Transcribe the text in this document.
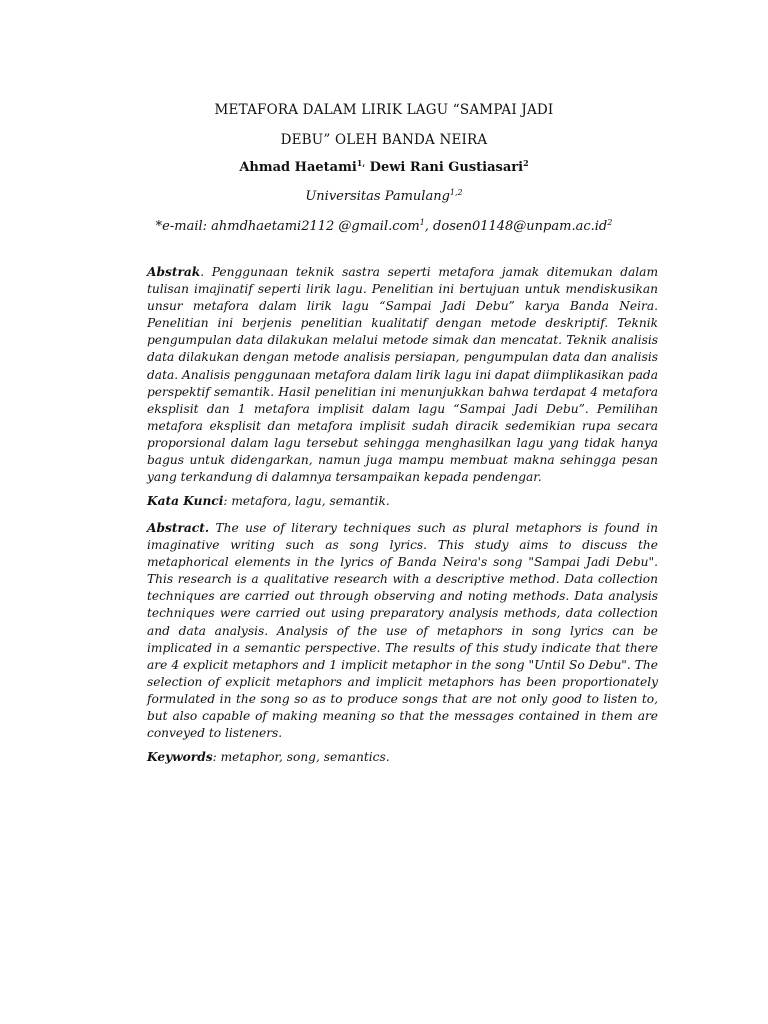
METAFORA DALAM LIRIK LAGU “SAMPAI JADI
DEBU” OLEH BANDA NEIRA
Ahmad Haetami$^{1,}$ Dewi Rani Gustiasari$^2$
Universitas Pamulang$^{1,2}$
*e-mail: ahmdhaetami2112 @gmail.com$^1$, $dosen01148@unpam.ac.id^2$
Abstrak. Penggunaan teknik sastra seperti metafora jamak ditemukan dalam tulisan imajinatif seperti lirik lagu. Penelitian ini bertujuan untuk mendiskusikan unsur metafora dalam lirik lagu “Sampai Jadi Debu” karya Banda Neira. Penelitian ini berjenis penelitian kualitatif dengan metode deskriptif. Teknik pengumpulan data dilakukan melalui metode simak dan mencatat. Teknik analisis data dilakukan dengan metode analisis persiapan, pengumpulan data dan analisis data. Analisis penggunaan metafora dalam lirik lagu ini dapat diimplikasikan pada perspektif semantik. Hasil penelitian ini menunjukkan bahwa terdapat 4 metafora eksplisit dan 1 metafora implisit dalam lagu “Sampai Jadi Debu”. Pemilihan metafora eksplisit dan metafora implisit sudah diracik sedemikian rupa secara proporsional dalam lagu tersebut sehingga menghasilkan lagu yang tidak hanya bagus untuk didengarkan, namun juga mampu membuat makna sehingga pesan yang terkandung di dalamnya tersampaikan kepada pendengar.
Kata Kunci: metafora, lagu, semantik.
Abstract. The use of literary techniques such as plural metaphors is found in imaginative writing such as song lyrics. This study aims to discuss the metaphorical elements in the lyrics of Banda Neira's song "Sampai Jadi Debu". This research is a qualitative research with a descriptive method. Data collection techniques are carried out through observing and noting methods. Data analysis techniques were carried out using preparatory analysis methods, data collection and data analysis. Analysis of the use of metaphors in song lyrics can be implicated in a semantic perspective. The results of this study indicate that there are 4 explicit metaphors and 1 implicit metaphor in the song "Until So Debu". The selection of explicit metaphors and implicit metaphors has been proportionately formulated in the song so as to produce songs that are not only good to listen to, but also capable of making meaning so that the messages contained in them are conveyed to listeners.
Keywords: metaphor, song, semantics.
